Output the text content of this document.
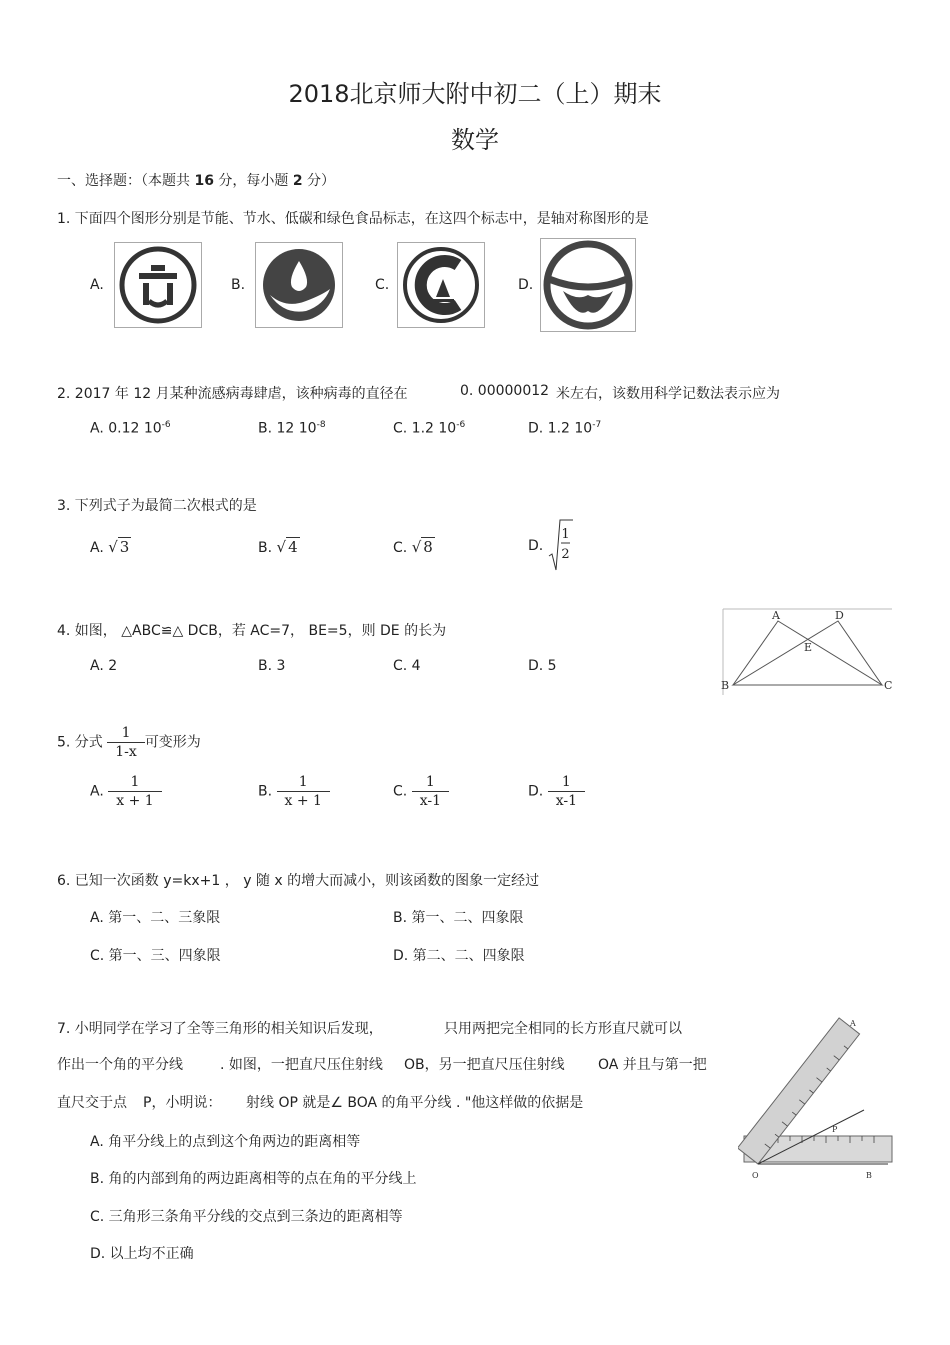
2018北京师大附中初二（上）期末
数学
一、选择题：（本题共 16 分，每小题 2 分）
1. 下面四个图形分别是节能、节水、低碳和绿色食品标志，在这四个标志中，是轴对称图形的是
A.	B.	C.	D.
2. 2017 年 12 月某种流感病毒肆虐，该种病毒的直径在	0. 00000012 米左右，该数用科学记数法表示应为
A. 0.12 $10^{-6}$	B. 12 $10^{-8}$	C. 1.2 $10^{-6}$	D. 1.2 $10^{-7}$
3. 下列式子为最简二次根式的是
A. √ 3	B. √ 4	C. √ 8	D.
1
2
4. 如图， △ABC≌△ DCB，若 AC=7， BE=5，则 DE 的长为
A. 2	B. 3	C. 4	D. 5
A	D
E
B	C
5. 分式 $\frac{1}{1-x}$ 可变形为
A. $\frac{1}{x + 1}$	B. $\frac{1}{x + 1}$	C. $\frac{1}{x-1}$	D. $\frac{1}{x-1}$
6. 已知一次函数 y=kx+1 ， y 随 x 的增大而减小，则该函数的图象一定经过
A. 第一、二、三象限	B. 第一、二、四象限
C. 第一、三、四象限	D. 第二、二、四象限
7. 小明同学在学习了全等三角形的相关知识后发现，	只用两把完全相同的长方形直尺就可以
作出一个角的平分线	. 如图，一把直尺压住射线 OB，另一把直尺压住射线 OA 并且与第一把
直尺交于点 P，小明说： 射线 OP 就是∠ BOA 的角平分线 . "他这样做的依据是
A. 角平分线上的点到这个角两边的距离相等
B. 角的内部到角的两边距离相等的点在角的平分线上
C. 三角形三条角平分线的交点到三条边的距离相等
D. 以上均不正确
O	B
A
P
